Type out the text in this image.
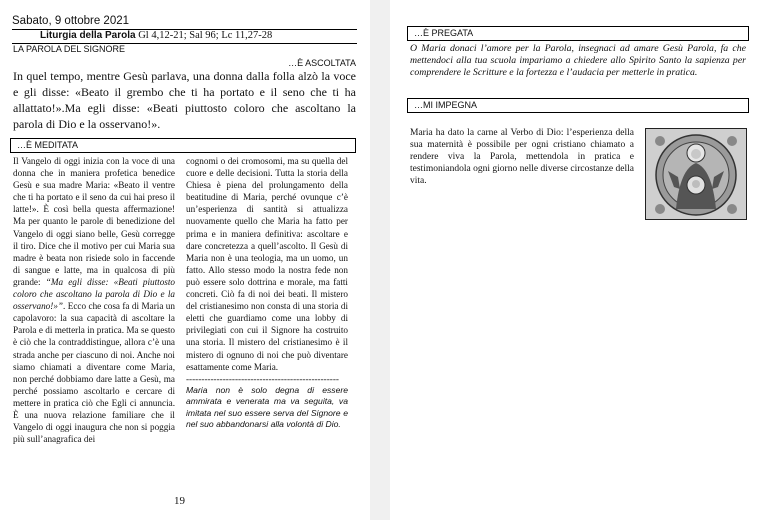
Sabato, 9 ottobre 2021
Liturgia della Parola Gl 4,12-21; Sal 96; Lc 11,27-28
LA PAROLA DEL SIGNORE
…È ASCOLTATA
In quel tempo, mentre Gesù parlava, una donna dalla folla alzò la voce e gli disse: «Beato il grembo che ti ha portato e il seno che ti ha allattato!».Ma egli disse: «Beati piuttosto coloro che ascoltano la parola di Dio e la osservano!».
…È MEDITATA

Il Vangelo di oggi inizia con la voce di una donna che in maniera profetica benedice Gesù e sua madre Maria: «Beato il ventre che ti ha portato e il seno da cui hai preso il latte!». È così bella questa affermazione! Ma per quanto le parole di benedizione del Vangelo di oggi siano belle, Gesù corregge il tiro. Dice che il motivo per cui Maria sua madre è beata non risiede solo in faccende di sangue e latte, ma in qualcosa di più grande: “Ma egli disse: «Beati piuttosto coloro che ascoltano la parola di Dio e la osservano!»”. Ecco che cosa fa di Maria un capolavoro: la sua capacità di ascoltare la Parola e di metterla in pratica. Ma se questo è ciò che la contraddistingue, allora c’è una strada anche per ciascuno di noi. Anche noi siamo chiamati a diventare come Maria, non perché dobbiamo dare latte a Gesù, ma perché possiamo ascoltarlo e cercare di mettere in pratica ciò che Egli ci annuncia. È una nuova relazione familiare che il Vangelo di oggi inaugura che non si poggia più sull’anagrafica dei

cognomi o dei cromosomi, ma su quella del cuore e delle decisioni. Tutta la storia della Chiesa è piena del prolungamento della beatitudine di Maria, perché ovunque c’è un’esperienza di santità si attualizza nuovamente quello che Maria ha fatto per prima e in maniera definitiva: ascoltare e dare concretezza a quell’ascolto. Il Gesù di Maria non è una teologia, ma un uomo, un fatto. Allo stesso modo la nostra fede non può essere solo dottrina e morale, ma fatti concreti. Ciò fa di noi dei beati. Il mistero del cristianesimo non consta di una storia di eletti che guardiamo come una lobby di privilegiati con cui il Signore ha costruito una storia. Il mistero del cristianesimo è il mistero di ognuno di noi che può diventare esattamente come Maria.

--------------------------------------------------

Maria non è solo degna di essere ammirata e venerata ma va seguita, va imitata nel suo essere serva del Signore e nel suo abbandonarsi alla volontà di Dio.

19
…È PREGATA
O Maria donaci l’amore per la Parola, insegnaci ad amare Gesù Parola, fa che mettendoci alla tua scuola impariamo a chiedere allo Spirito Santo la sapienza per comprendere le Scritture e la fortezza e l’audacia per metterle in pratica.
…MI IMPEGNA
Maria ha dato la carne al Verbo di Dio: l’esperienza della sua maternità è possibile per ogni cristiano chiamato a rendere viva la Parola, mettendola in pratica e testimoniandola ogni giorno nelle diverse circostanze della vita.
